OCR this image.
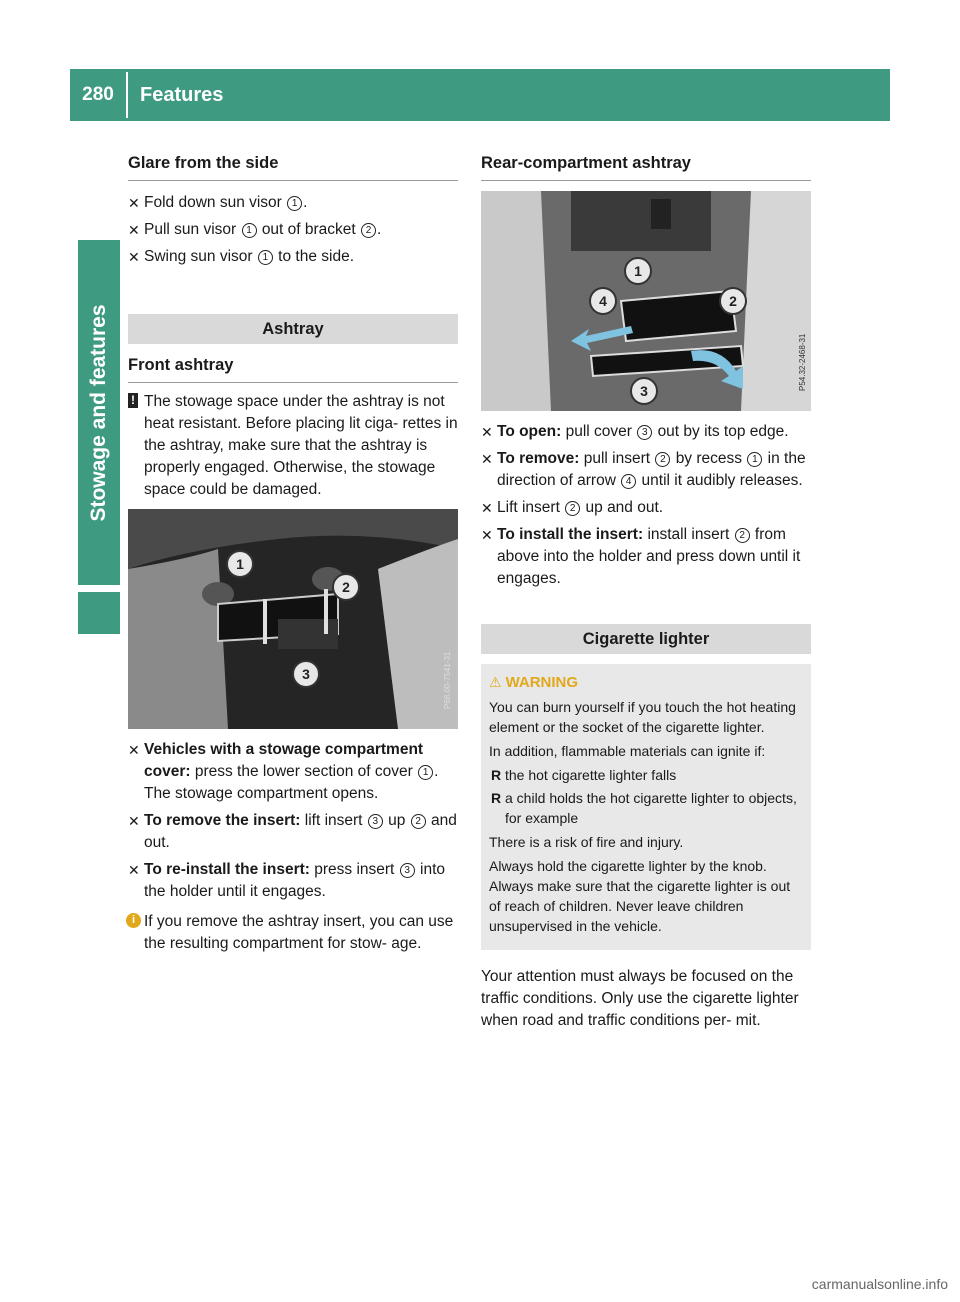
280	Features
Stowage and features
Glare from the side
✕ Fold down sun visor 1 .
✕ Pull sun visor 1 out of bracket 2 .
✕ Swing sun visor 1 to the side.
Ashtray
Front ashtray
! The stowage space under the ashtray is not heat resistant. Before placing lit ciga- rettes in the ashtray, make sure that the ashtray is properly engaged. Otherwise, the stowage space could be damaged.
1
2
3	P68.00-7541-31
✕ Vehicles with a stowage compartment cover: press the lower section of cover 1 . The stowage compartment opens.
✕ To remove the insert: lift insert 3 up 2 and out.
✕ To re-install the insert: press insert 3 into the holder until it engages.
i If you remove the ashtray insert, you can use the resulting compartment for stow- age.
Rear-compartment ashtray
1
2
3
4
P54.32-2468-31
✕ To open: pull cover 3 out by its top edge.
✕ To remove: pull insert 2 by recess 1 in the direction of arrow 4 until it audibly releases.
✕ Lift insert 2 up and out.
✕ To install the insert: install insert 2 from above into the holder and press down until it engages.
Cigarette lighter
⚠ WARNING

You can burn yourself if you touch the hot heating element or the socket of the cigarette lighter.

In addition, flammable materials can ignite if:

R the hot cigarette lighter falls
R a child holds the hot cigarette lighter to objects, for example

There is a risk of fire and injury.

Always hold the cigarette lighter by the knob. Always make sure that the cigarette lighter is out of reach of children. Never leave children unsupervised in the vehicle.

Your attention must always be focused on the traffic conditions. Only use the cigarette lighter when road and traffic conditions per- mit.

carmanualsonline.info
